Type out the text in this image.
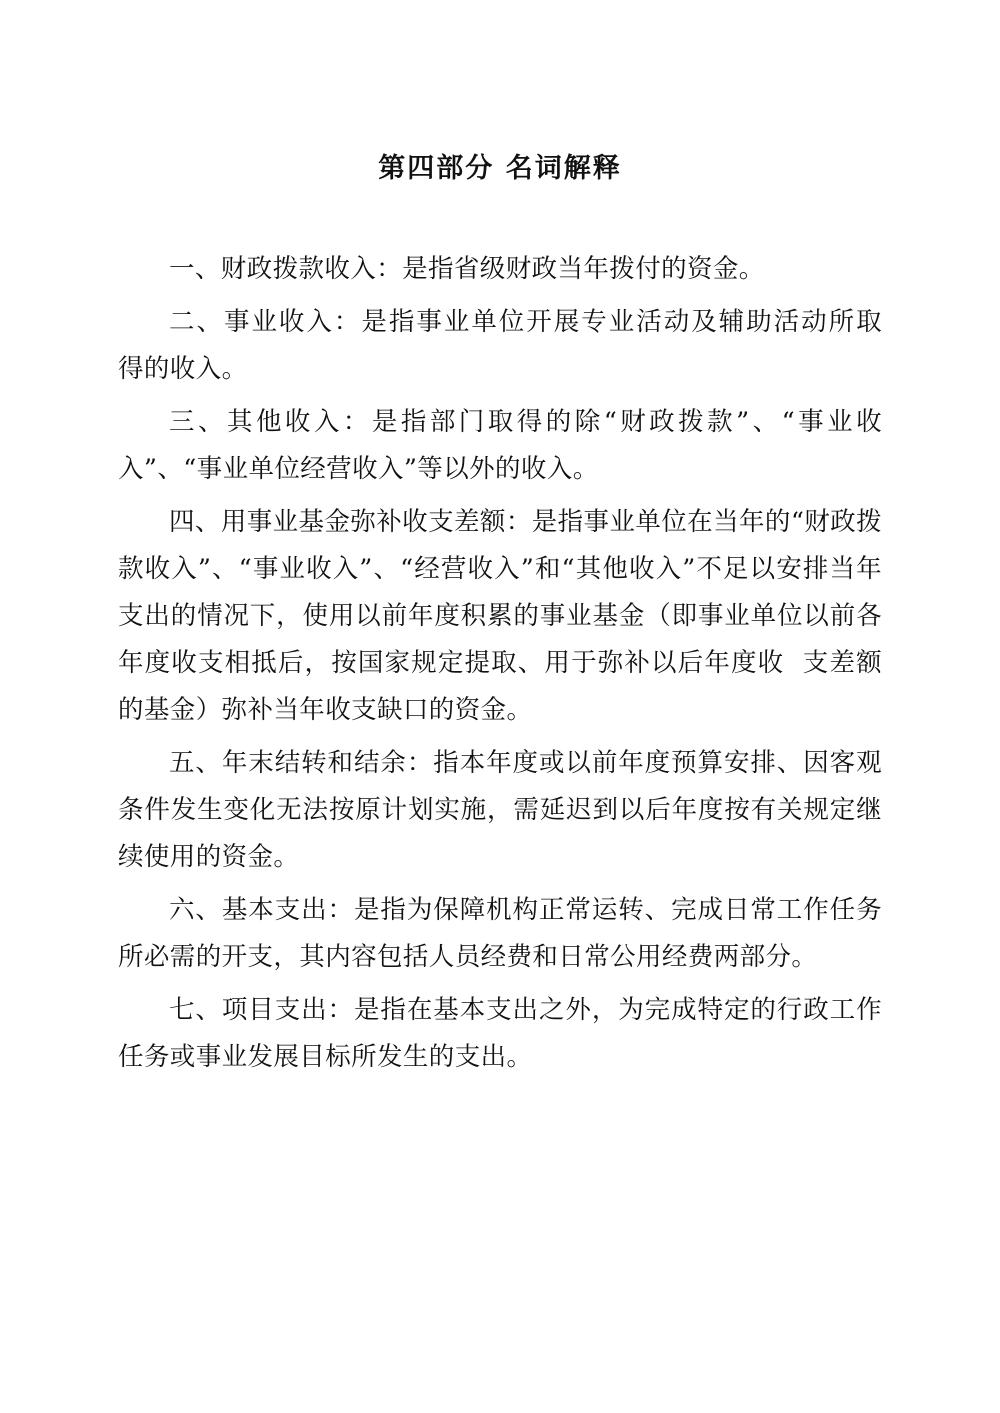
第四部分 名词解释

一、财政拨款收入：是指省级财政当年拨付的资金。

二、事业收入：是指事业单位开展专业活动及辅助活动所取  得的收入。

三、其他收入：是指部门取得的除“财政拨款”、“事业收入”、“事业单位经营收入”等以外的收入。

四、用事业基金弥补收支差额：是指事业单位在当年的“财政拨款收入”、“事业收入”、“经营收入”和“其他收入”不足以安排当年支出的情况下，使用以前年度积累的事业基金（即事业单位以前各年度收支相抵后，按国家规定提取、用于弥补以后年度收  支差额的基金）弥补当年收支缺口的资金。

五、年末结转和结余：指本年度或以前年度预算安排、因客观条件发生变化无法按原计划实施，需延迟到以后年度按有关规定继续使用的资金。

六、基本支出：是指为保障机构正常运转、完成日常工作任务所必需的开支，其内容包括人员经费和日常公用经费两部分。

七、项目支出：是指在基本支出之外，为完成特定的行政工作任务或事业发展目标所发生的支出。
